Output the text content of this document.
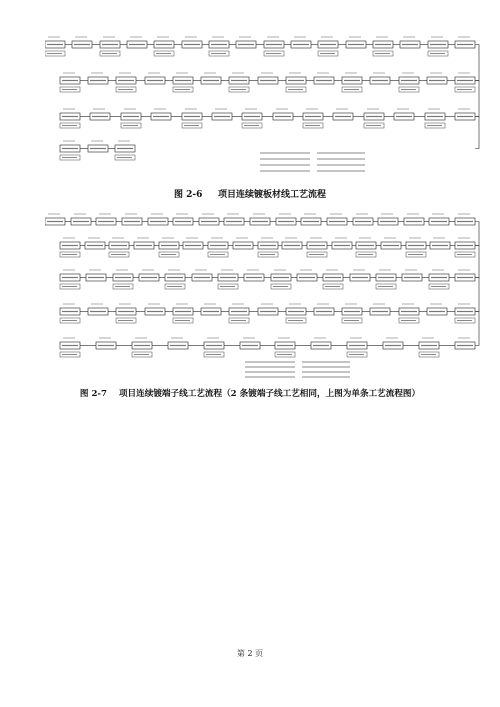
图 2-6 项目连续镀板材线工艺流程
图 2-7 项目连续镀端子线工艺流程（2 条镀端子线工艺相同，上图为单条工艺流程图）
第 2 页
